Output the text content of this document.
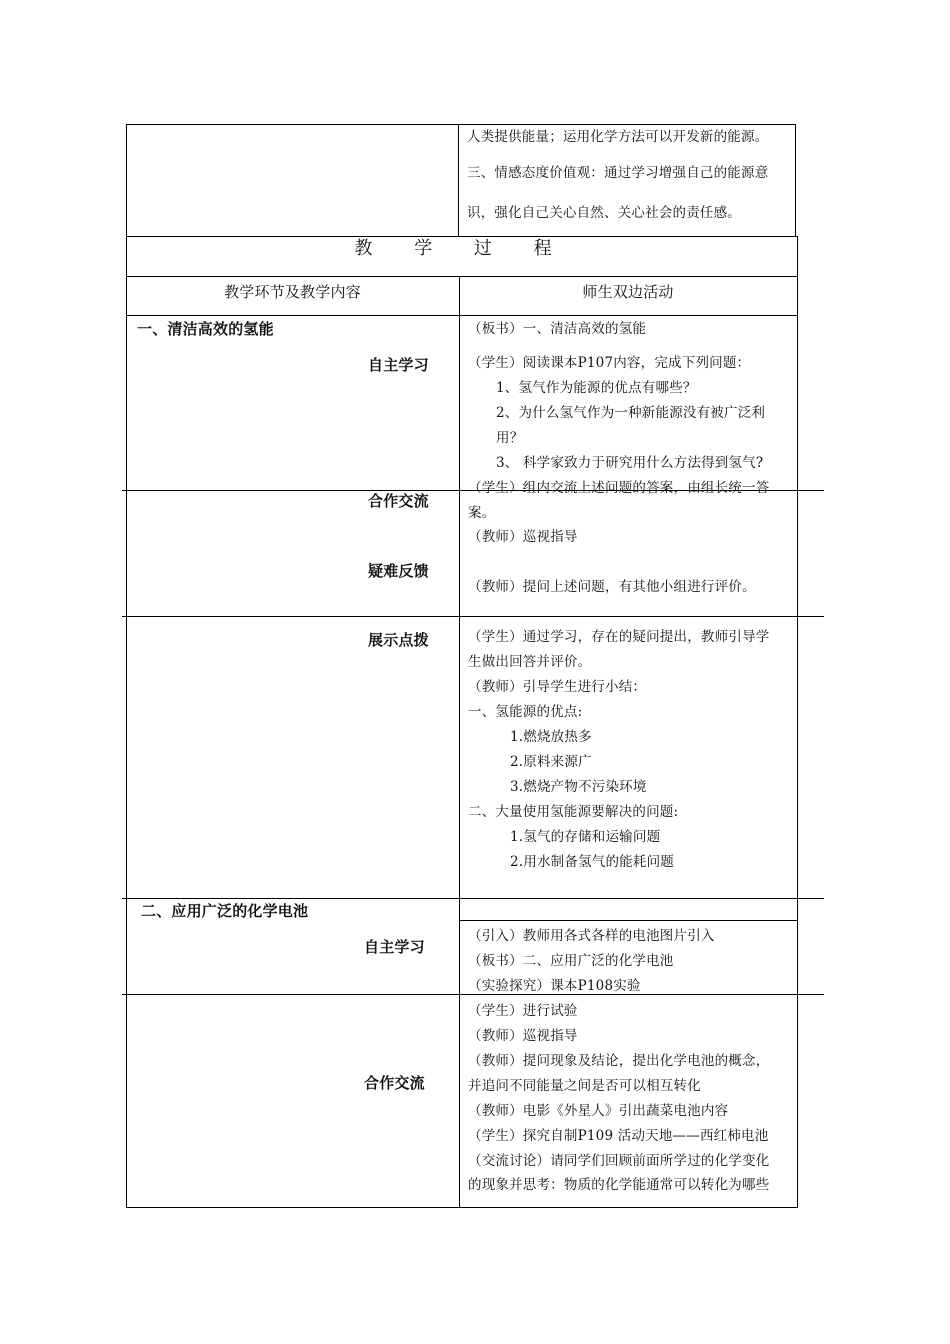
人类提供能量；运用化学方法可以开发新的能源。
三、情感态度价值观：通过学习增强自己的能源意
识，强化自己关心自然、关心社会的责任感。
教 学 过 程
教学环节及教学内容	师生双边活动
一、清洁高效的氢能
自主学习
合作交流
疑难反馈
展示点拨
（板书）一、清洁高效的氢能
（学生）阅读课本P107内容，完成下列问题：
1、氢气作为能源的优点有哪些？
2、为什么氢气作为一种新能源没有被广泛利
用？
3、 科学家致力于研究用什么方法得到氢气?
（学生）组内交流上述问题的答案，由组长统一答
案。
（教师）巡视指导
（教师）提问上述问题，有其他小组进行评价。
（学生）通过学习，存在的疑问提出，教师引导学
生做出回答并评价。
（教师）引导学生进行小结：
一、氢能源的优点:
1.燃烧放热多
2.原料来源广
3.燃烧产物不污染环境
二、大量使用氢能源要解决的问题:
1.氢气的存储和运输问题
2.用水制备氢气的能耗问题
二、应用广泛的化学电池
自主学习
合作交流
（引入）教师用各式各样的电池图片引入
（板书）二、应用广泛的化学电池
（实验探究）课本P108实验
（学生）进行试验
（教师）巡视指导
（教师）提问现象及结论，提出化学电池的概念，
并追问不同能量之间是否可以相互转化
（教师）电影《外星人》引出蔬菜电池内容
（学生）探究自制P109 活动天地——西红柿电池
（交流讨论）请同学们回顾前面所学过的化学变化
的现象并思考：物质的化学能通常可以转化为哪些
